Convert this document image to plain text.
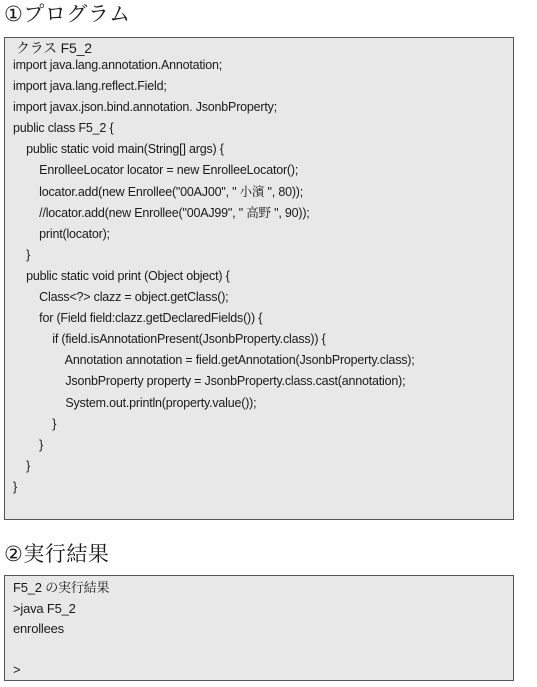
①プログラム
クラス F5_2
import java.lang.annotation.Annotation;
import java.lang.reflect.Field;
import javax.json.bind.annotation. JsonbProperty;
public class F5_2 {
public static void main(String[] args) {
EnrolleeLocator locator = new EnrolleeLocator();
locator.add(new Enrollee("00AJ00", " 小濱 ", 80));
//locator.add(new Enrollee("00AJ99", " 高野 ", 90));
print(locator);
}
public static void print (Object object) {
Class<?> clazz = object.getClass();
for (Field field:clazz.getDeclaredFields()) {
if (field.isAnnotationPresent(JsonbProperty.class)) {
Annotation annotation = field.getAnnotation(JsonbProperty.class);
JsonbProperty property = JsonbProperty.class.cast(annotation);
System.out.println(property.value());
}
}
}
}
②実行結果
F5_2 の実行結果
>java F5_2
enrollees
>
